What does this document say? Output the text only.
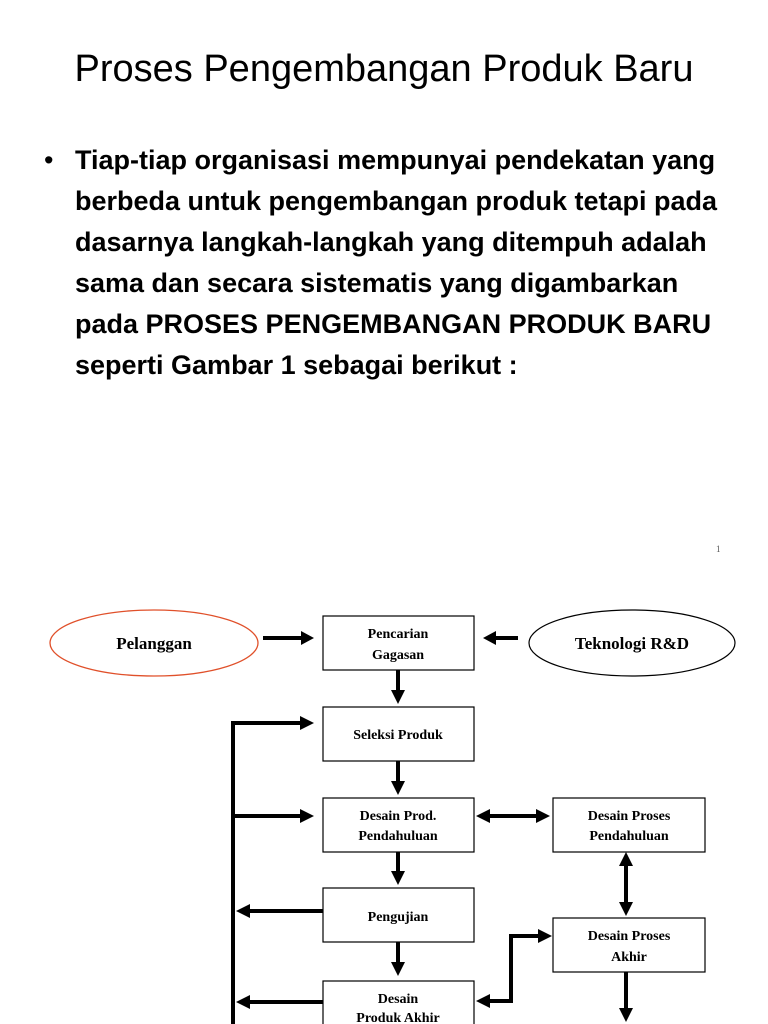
Proses Pengembangan Produk Baru
• Tiap-tiap organisasi mempunyai pendekatan yang berbeda untuk pengembangan produk tetapi pada dasarnya langkah-langkah yang ditempuh adalah sama dan secara sistematis yang digambarkan pada PROSES PENGEMBANGAN PRODUK BARU seperti Gambar 1 sebagai berikut :
1
Pelanggan	Teknologi R&D
Pencarian
Gagasan
Seleksi Produk
Desain Prod.
Pendahuluan
Desain Proses
Pendahuluan
Pengujian
Desain Proses
Akhir
Desain
Produk Akhir
